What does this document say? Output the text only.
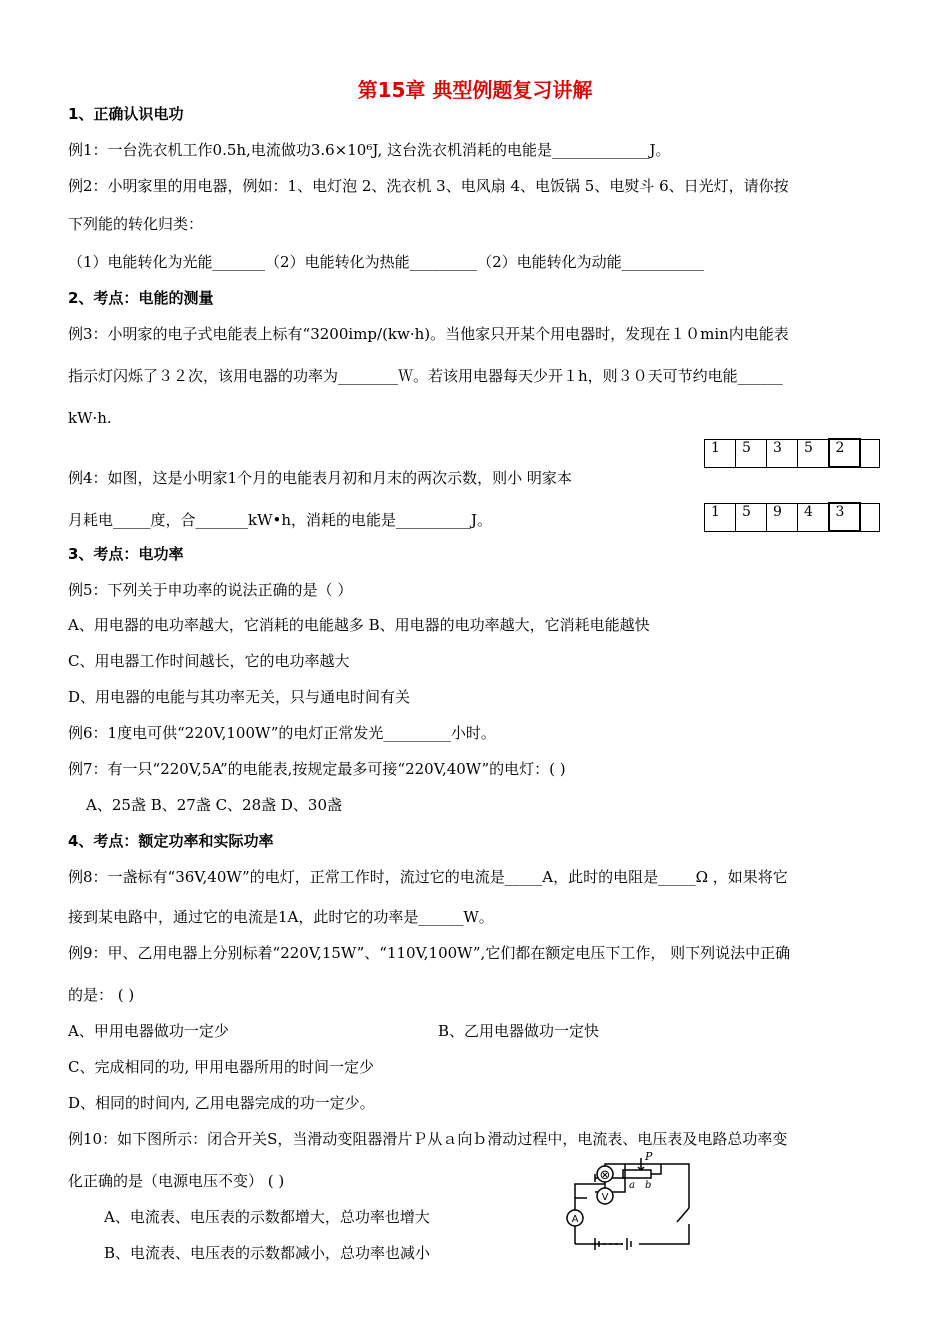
第15章 典型例题复习讲解
1、正确认识电功
例1：一台洗衣机工作0.5h,电流做功3.6×10⁶J, 这台洗衣机消耗的电能是_____________J。
例2：小明家里的用电器，例如：1、电灯泡 2、洗衣机 3、电风扇 4、电饭锅 5、电熨斗 6、日光灯，请你按
下列能的转化归类：
（1）电能转化为光能_______（2）电能转化为热能_________（2）电能转化为动能___________
2、考点：电能的测量
例3：小明家的电子式电能表上标有“3200imp/(kw·h)。当他家只开某个用电器时，发现在１０min内电能表
指示灯闪烁了３２次，该用电器的功率为________Ｗ。若该用电器每天少开１h，则３０天可节约电能______
kW·h.
1	5	3	5	2	
例4：如图，这是小明家1个月的电能表月初和月末的两次示数，则小 明家本
月耗电_____度，合_______kW•h，消耗的电能是__________J。	1	5	9	4	3	
3、考点：电功率
例5：下列关于申功率的说法正确的是（ ）
A、用电器的电功率越大，它消耗的电能越多 B、用电器的电功率越大，它消耗电能越快
C、用电器工作时间越长，它的电功率越大
D、用电器的电能与其功率无关，只与通电时间有关
例6：1度电可供“220V,100W”的电灯正常发光_________小时。
例7：有一只“220V,5A”的电能表,按规定最多可接“220V,40W”的电灯：( )
A、25盏 B、27盏 C、28盏 D、30盏
4、考点：额定功率和实际功率
例8：一盏标有“36V,40W”的电灯，正常工作时，流过它的电流是_____A，此时的电阻是_____Ω ，如果将它
接到某电路中，通过它的电流是1A，此时它的功率是______W。
例9：甲、乙用电器上分别标着“220V,15W”、“110V,100W”,它们都在额定电压下工作， 则下列说法中正确
的是： ( )
A、甲用电器做功一定少	B、乙用电器做功一定快
C、完成相同的功, 甲用电器所用的时间一定少
D、相同的时间内, 乙用电器完成的功一定少。
例10：如下图所示：闭合开关S，当滑动变阻器滑片Ｐ从ａ向ｂ滑动过程中，电流表、电压表及电路总功率变
化正确的是（电源电压不变） ( )
A、电流表、电压表的示数都增大，总功率也增大
B、电流表、电压表的示数都减小，总功率也减小
⊗
V
A
P
a b
